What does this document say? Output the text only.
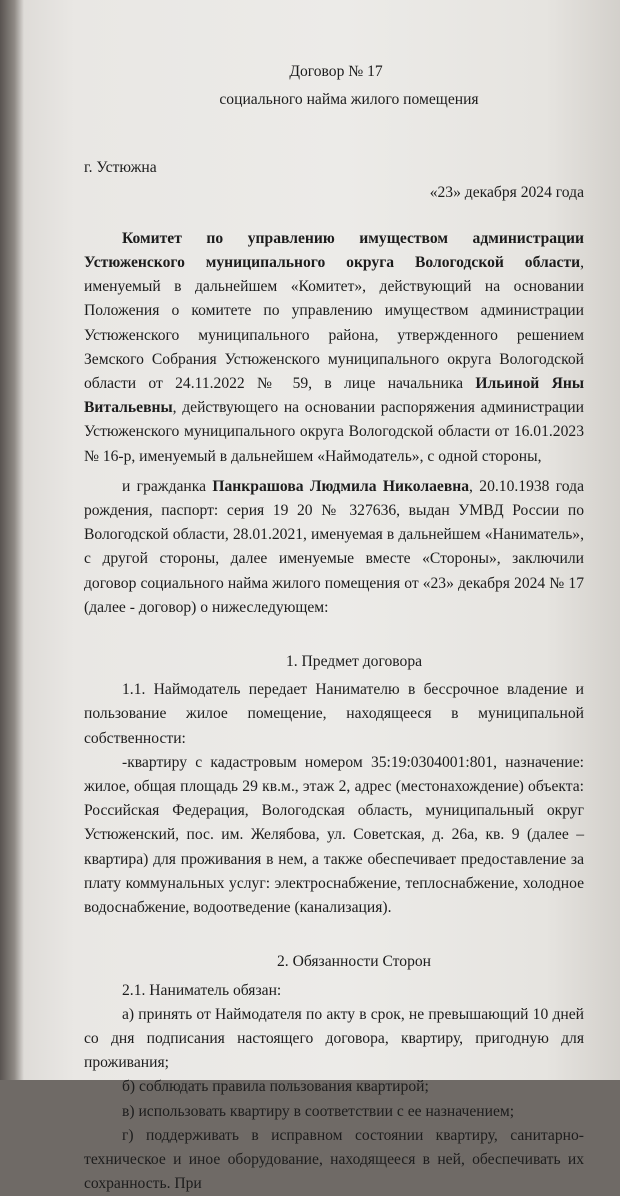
Договор № 17
социального найма жилого помещения

г. Устюжна

«23» декабря 2024 года

Комитет по управлению имуществом администрации Устюженского муниципального округа Вологодской области, именуемый в дальнейшем «Комитет», действующий на основании Положения о комитете по управлению имуществом администрации Устюженского муниципального района, утвержденного решением Земского Собрания Устюженского муниципального округа Вологодской области от 24.11.2022 № 59, в лице начальника Ильиной Яны Витальевны, действующего на основании распоряжения администрации Устюженского муниципального округа Вологодской области от 16.01.2023 № 16-р, именуемый в дальнейшем «Наймодатель», с одной стороны,

и гражданка Панкрашова Людмила Николаевна, 20.10.1938 года рождения, паспорт: серия 19 20 № 327636, выдан УМВД России по Вологодской области, 28.01.2021, именуемая в дальнейшем «Наниматель», с другой стороны, далее именуемые вместе «Стороны», заключили договор социального найма жилого помещения от «23» декабря 2024 № 17 (далее - договор) о нижеследующем:

1. Предмет договора

1.1. Наймодатель передает Нанимателю в бессрочное владение и пользование жилое помещение, находящееся в муниципальной собственности:

-квартиру с кадастровым номером 35:19:0304001:801, назначение: жилое, общая площадь 29 кв.м., этаж 2, адрес (местонахождение) объекта: Российская Федерация, Вологодская область, муниципальный округ Устюженский, пос. им. Желябова, ул. Советская, д. 26а, кв. 9 (далее – квартира) для проживания в нем, а также обеспечивает предоставление за плату коммунальных услуг: электроснабжение, теплоснабжение, холодное водоснабжение, водоотведение (канализация).

2. Обязанности Сторон

2.1. Наниматель обязан:

а) принять от Наймодателя по акту в срок, не превышающий 10 дней со дня подписания настоящего договора, квартиру, пригодную для проживания;

б) соблюдать правила пользования квартирой;

в) использовать квартиру в соответствии с ее назначением;

г) поддерживать в исправном состоянии квартиру, санитарно-техническое и иное оборудование, находящееся в ней, обеспечивать их сохранность. При
